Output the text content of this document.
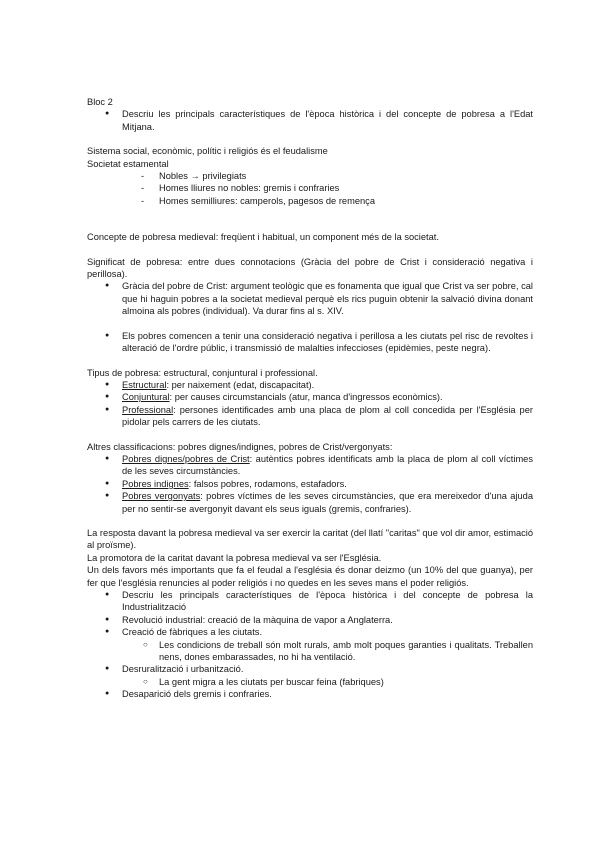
Bloc 2

● Descriu les principals característiques de l'època històrica i del concepte de pobresa a l'Edat Mitjana.

Sistema social, econòmic, polític i religiós és el feudalisme

Societat estamental

- Nobles → privilegiats
- Homes lliures no nobles: gremis i confraries
- Homes semilliures: camperols, pagesos de remença

Concepte de pobresa medieval: freqüent i habitual, un component més de la societat.

Significat de pobresa: entre dues connotacions (Gràcia del pobre de Crist i consideració negativa i perillosa).

● Gràcia del pobre de Crist: argument teològic que es fonamenta que igual que Crist va ser pobre, cal que hi haguin pobres a la societat medieval perquè els rics puguin obtenir la salvació divina donant almoina als pobres (individual). Va durar fins al s. XIV.
● Els pobres comencen a tenir una consideració negativa i perillosa a les ciutats pel risc de revoltes i alteració de l'ordre públic, i transmissió de malalties infeccioses (epidèmies, peste negra).

Tipus de pobresa: estructural, conjuntural i professional.

● Estructural: per naixement (edat, discapacitat).
● Conjuntural: per causes circumstancials (atur, manca d'ingressos econòmics).
● Professional: persones identificades amb una placa de plom al coll concedida per l'Església per pidolar pels carrers de les ciutats.

Altres classificacions: pobres dignes/indignes, pobres de Crist/vergonyats:

● Pobres dignes/pobres de Crist: autèntics pobres identificats amb la placa de plom al coll víctimes de les seves circumstàncies.
● Pobres indignes: falsos pobres, rodamons, estafadors.
● Pobres vergonyats: pobres víctimes de les seves circumstàncies, que era mereixedor d'una ajuda per no sentir-se avergonyit davant els seus iguals (gremis, confraries).

La resposta davant la pobresa medieval va ser exercir la caritat (del llatí "caritas" que vol dir amor, estimació al proïsme).

La promotora de la caritat davant la pobresa medieval va ser l'Església.

Un dels favors més importants que fa el feudal a l'església és donar deizmo (un 10% del que guanya), per fer que l'església renuncies al poder religiós i no quedes en les seves mans el poder religiós.

● Descriu les principals característiques de l'època històrica i del concepte de pobresa la Industrialització
● Revolució industrial: creació de la màquina de vapor a Anglaterra.
● Creació de fàbriques a les ciutats.
○ Les condicions de treball són molt rurals, amb molt poques garanties i qualitats. Treballen nens, dones embarassades, no hi ha ventilació.
● Desruralització i urbanització.
○ La gent migra a les ciutats per buscar feina (fabriques)
● Desaparició dels gremis i confraries.
